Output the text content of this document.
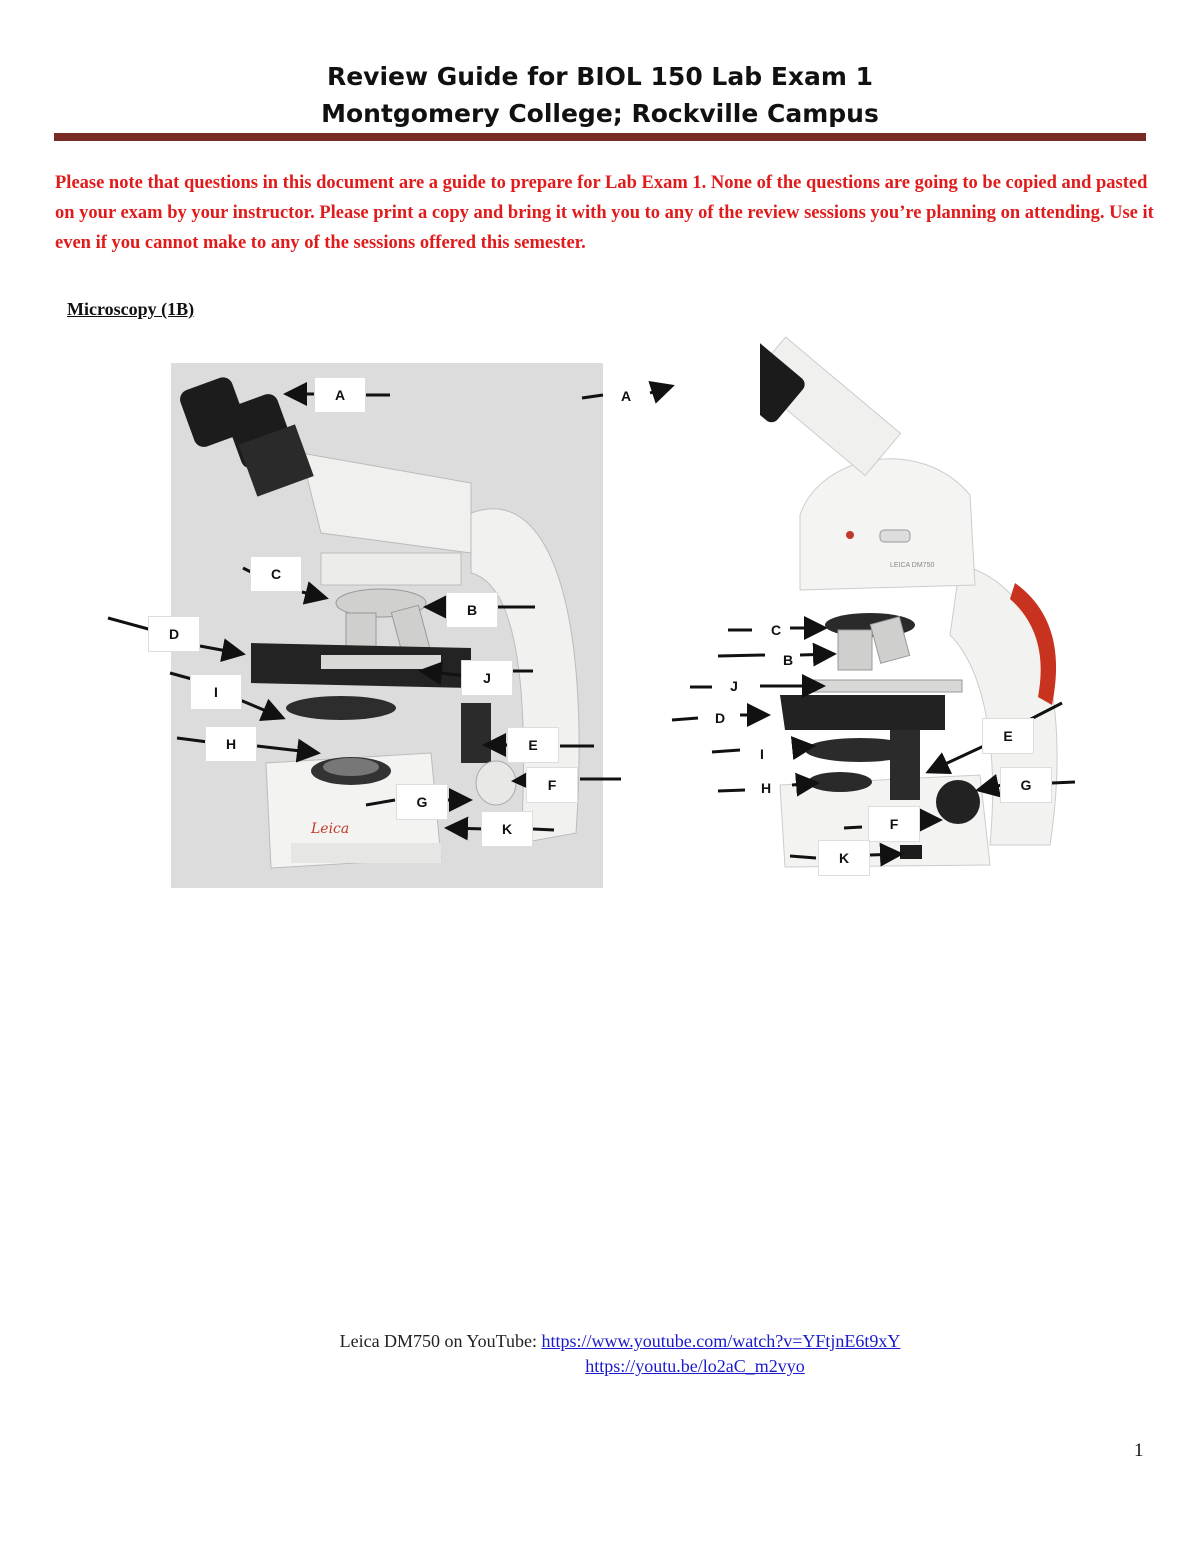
Review Guide for BIOL 150 Lab Exam 1
Montgomery College; Rockville Campus
Please note that questions in this document are a guide to prepare for Lab Exam 1. None of the questions are going to be copied and pasted on your exam by your instructor. Please print a copy and bring it with you to any of the review sessions you’re planning on attending. Use it even if you cannot make to any of the sessions offered this semester.
Microscopy (1B)
Leica
LEICA DM750
A
C
B
D
J
I
H	E
F
G
K
A
C
B
J
D
I
E
H	G
F
K
Leica DM750 on YouTube: https://www.youtube.com/watch?v=YFtjnE6t9xY
https://youtu.be/lo2aC_m2vyo
1
